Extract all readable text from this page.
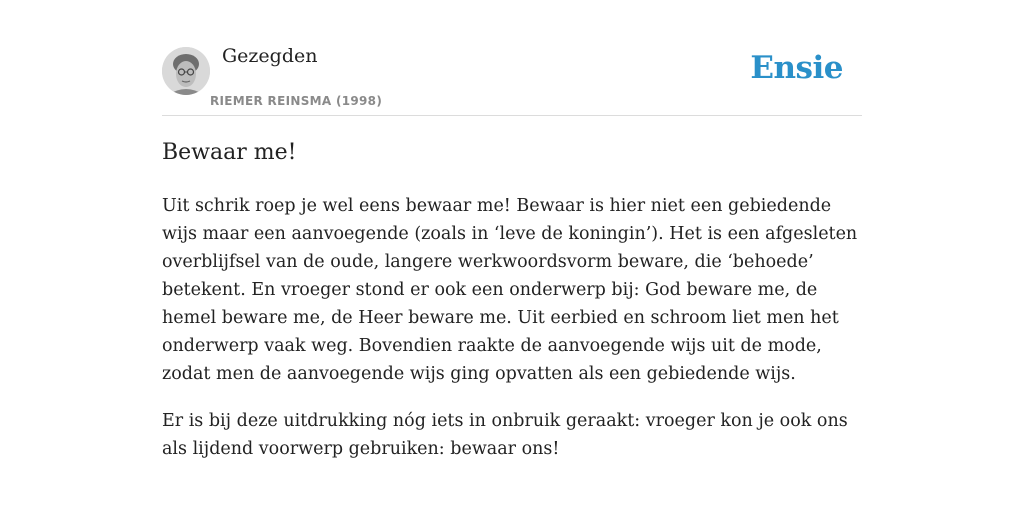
Gezegden
RIEMER REINSMA (1998)
Ensie
Bewaar me!

Uit schrik roep je wel eens bewaar me! Bewaar is hier niet een gebiedende wijs maar een aanvoegende (zoals in ‘leve de koningin’). Het is een afgesleten overblijfsel van de oude, langere werkwoordsvorm beware, die ‘behoede’ betekent. En vroeger stond er ook een onderwerp bij: God beware me, de hemel beware me, de Heer beware me. Uit eerbied en schroom liet men het onderwerp vaak weg. Bovendien raakte de aanvoegende wijs uit de mode, zodat men de aanvoegende wijs ging opvatten als een gebiedende wijs.

Er is bij deze uitdrukking nóg iets in onbruik geraakt: vroeger kon je ook ons als lijdend voorwerp gebruiken: bewaar ons!
